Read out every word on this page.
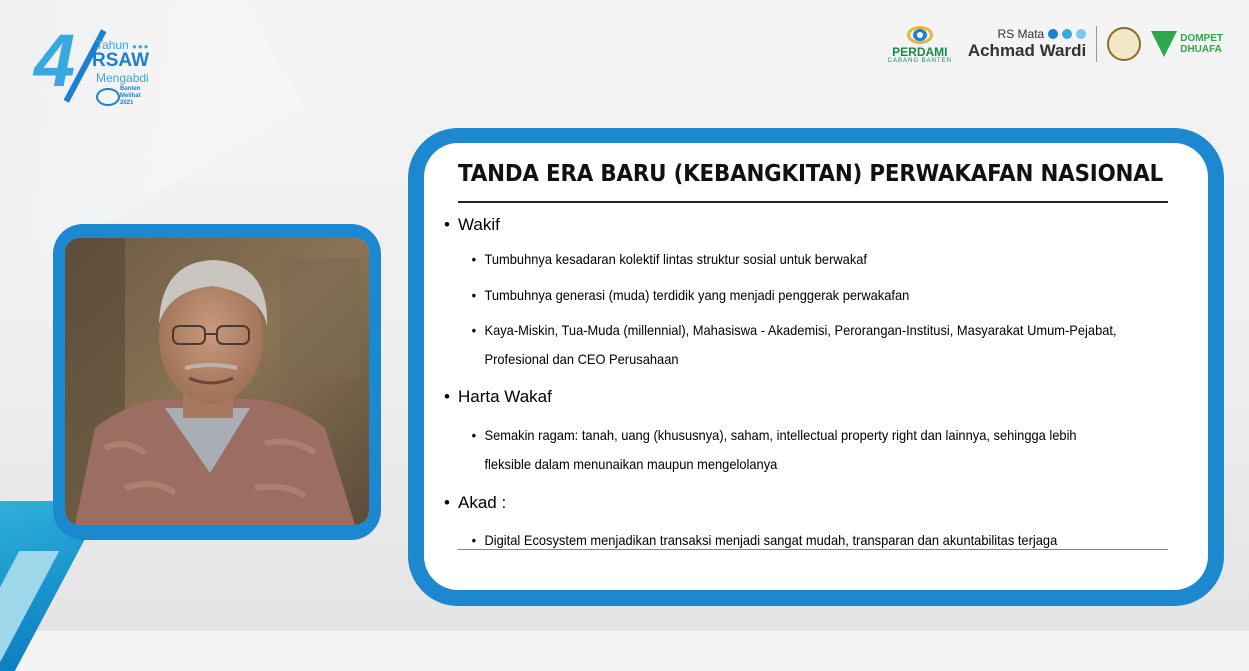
4 Tahun ●●●
RSAW
Mengabdi
Banten
Melihat
2021
PERDAMI
CABANG BANTEN
RS Mata
Achmad Wardi
DOMPET
DHUAFA
TANDA ERA BARU (KEBANGKITAN) PERWAKAFAN NASIONAL
• Wakif
• Tumbuhnya kesadaran kolektif lintas struktur sosial untuk berwakaf
• Tumbuhnya generasi (muda) terdidik yang menjadi penggerak perwakafan
• Kaya-Miskin, Tua-Muda (millennial), Mahasiswa - Akademisi, Perorangan-Institusi, Masyarakat Umum-Pejabat,
Profesional dan CEO Perusahaan
• Harta Wakaf
• Semakin ragam: tanah, uang (khususnya), saham, intellectual property right dan lainnya, sehingga lebih
fleksible dalam menunaikan maupun mengelolanya
• Akad :
• Digital Ecosystem menjadikan transaksi menjadi sangat mudah, transparan dan akuntabilitas terjaga
